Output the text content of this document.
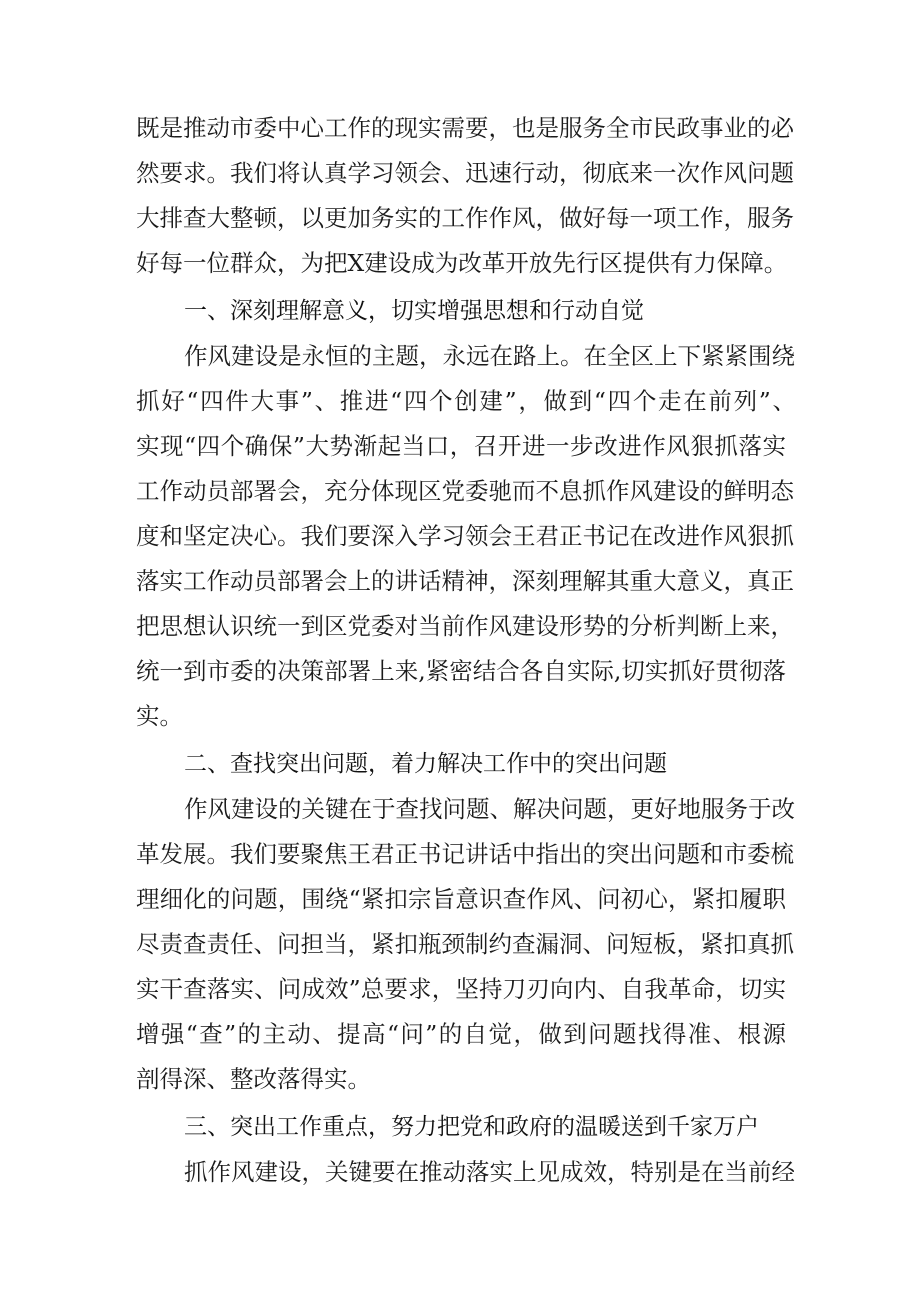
既是推动市委中心工作的现实需要，也是服务全市民政事业的必
然要求。我们将认真学习领会、迅速行动，彻底来一次作风问题
大排查大整顿，以更加务实的工作作风，做好每一项工作，服务
好每一位群众，为把X建设成为改革开放先行区提供有力保障。
一、深刻理解意义，切实增强思想和行动自觉
作风建设是永恒的主题，永远在路上。在全区上下紧紧围绕
抓好“四件大事”、推进“四个创建”，做到“四个走在前列”、
实现“四个确保”大势渐起当口，召开进一步改进作风狠抓落实
工作动员部署会，充分体现区党委驰而不息抓作风建设的鲜明态
度和坚定决心。我们要深入学习领会王君正书记在改进作风狠抓
落实工作动员部署会上的讲话精神，深刻理解其重大意义，真正
把思想认识统一到区党委对当前作风建设形势的分析判断上来，
统一到市委的决策部署上来,紧密结合各自实际,切实抓好贯彻落
实。
二、查找突出问题，着力解决工作中的突出问题
作风建设的关键在于查找问题、解决问题，更好地服务于改
革发展。我们要聚焦王君正书记讲话中指出的突出问题和市委梳
理细化的问题，围绕“紧扣宗旨意识查作风、问初心，紧扣履职
尽责查责任、问担当，紧扣瓶颈制约查漏洞、问短板，紧扣真抓
实干查落实、问成效”总要求，坚持刀刃向内、自我革命，切实
增强“查”的主动、提高“问”的自觉，做到问题找得准、根源
剖得深、整改落得实。
三、突出工作重点，努力把党和政府的温暖送到千家万户
抓作风建设，关键要在推动落实上见成效，特别是在当前经
